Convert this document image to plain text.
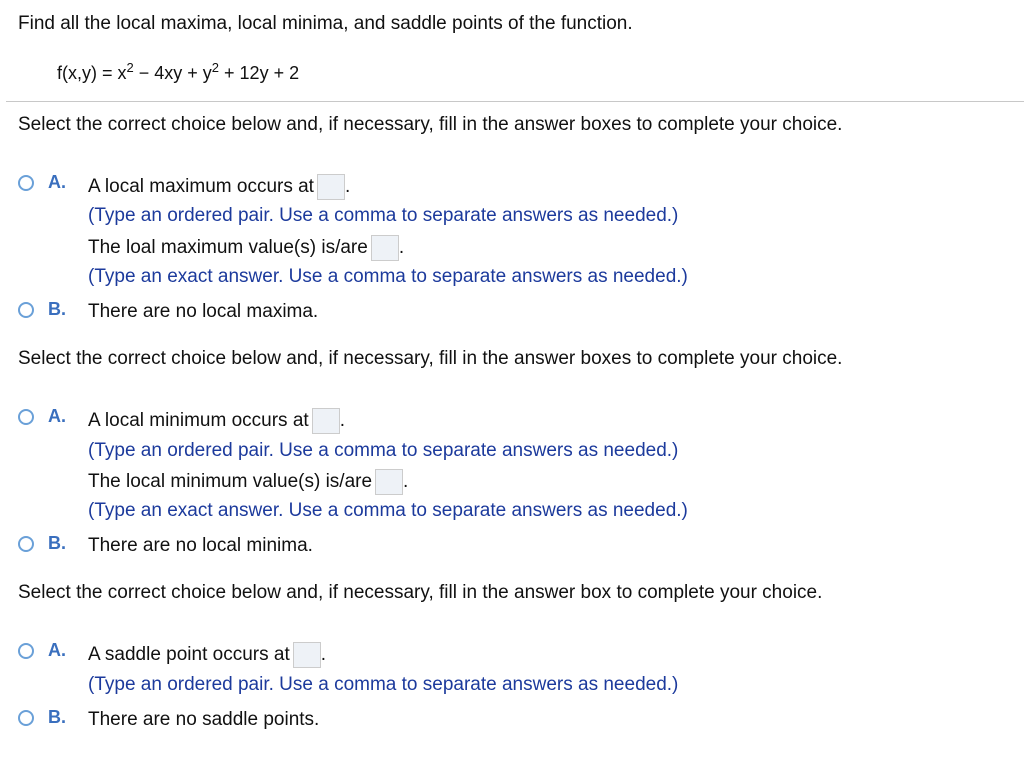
Find all the local maxima, local minima, and saddle points of the function.
$f(x,y) = x^2 - 4xy + y^2 + 12y + 2$
Select the correct choice below and, if necessary, fill in the answer boxes to complete your choice.
A. A local maximum occurs at .
(Type an ordered pair. Use a comma to separate answers as needed.)
The loal maximum value(s) is/are .
(Type an exact answer. Use a comma to separate answers as needed.)
B. There are no local maxima.
Select the correct choice below and, if necessary, fill in the answer boxes to complete your choice.
A. A local minimum occurs at .
(Type an ordered pair. Use a comma to separate answers as needed.)
The local minimum value(s) is/are .
(Type an exact answer. Use a comma to separate answers as needed.)
B. There are no local minima.
Select the correct choice below and, if necessary, fill in the answer box to complete your choice.
A. A saddle point occurs at .
(Type an ordered pair. Use a comma to separate answers as needed.)
B. There are no saddle points.
